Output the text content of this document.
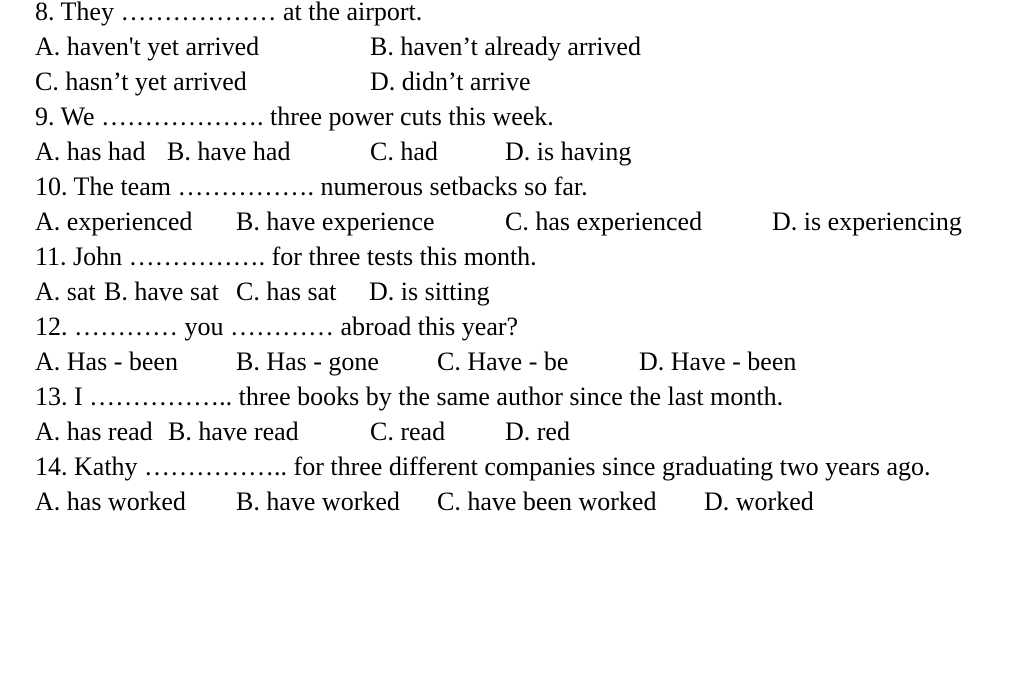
8. They ……………… at the airport.

A. haven't yet arrived

	B. haven’t already arrived

C. hasn’t yet arrived

	D. didn’t arrive

9. We ………………. three power cuts this week.

A. has had

B. have had

	C. had

	D. is having

10. The team ……………. numerous setbacks so far.

A. experienced

B. have experience

	C. has experienced

	D. is experiencing

11. John ……………. for three tests this month.

A. sat

B. have sat

C. has sat

D. is sitting

12. ………… you ………… abroad this year?

A. Has - been

B. Has - gone

C. Have - be

	D. Have - been

13. I …………….. three books by the same author since the last month.

A. has read

B. have read

	C. read

D. red

14. Kathy …………….. for three different companies since graduating two years ago.

A. has worked

B. have worked

C. have been worked

D. worked
